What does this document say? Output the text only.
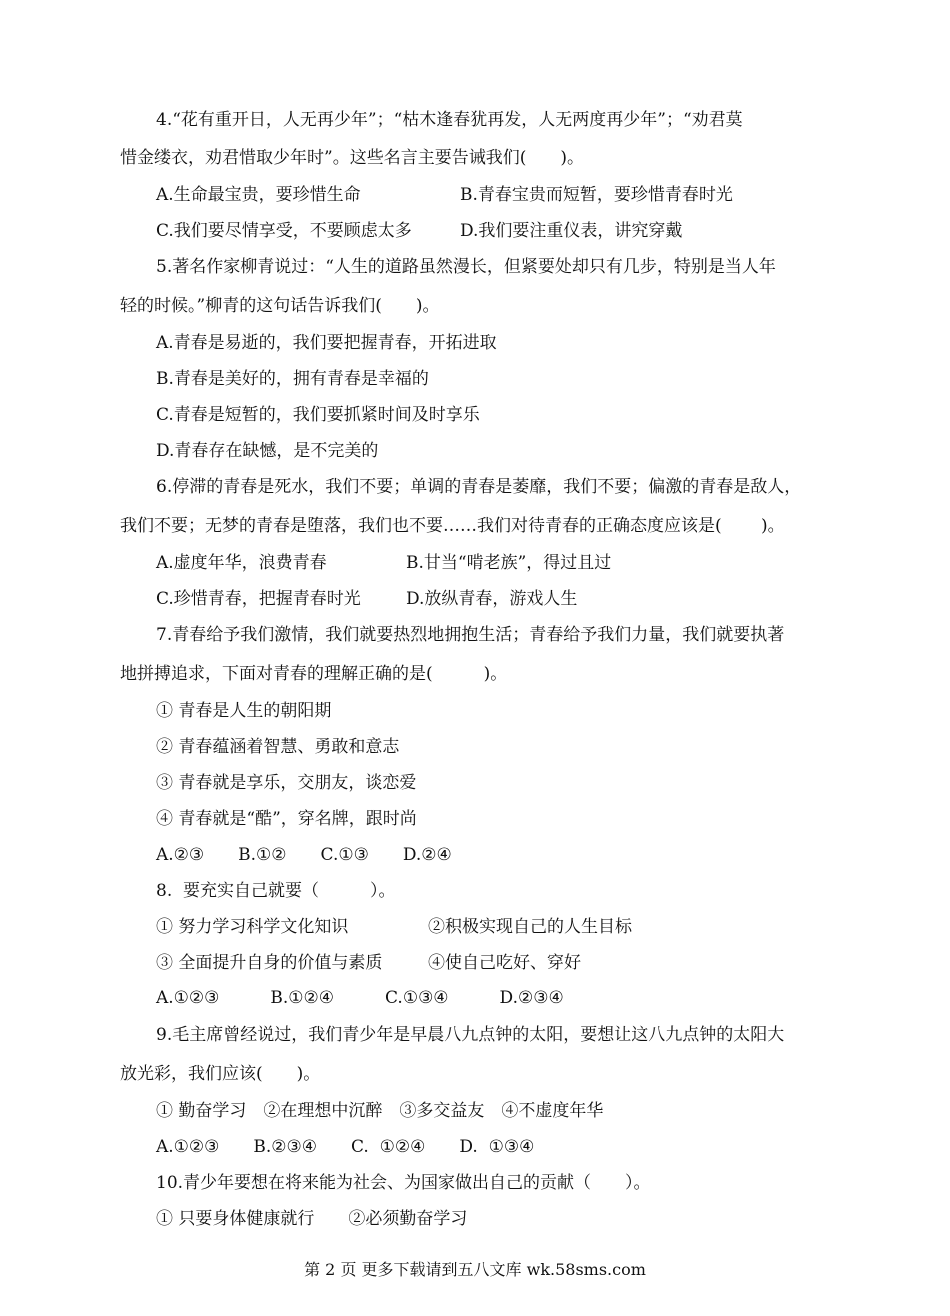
4.“花有重开日，人无再少年”；“枯木逢春犹再发，人无两度再少年”；“劝君莫
惜金缕衣，劝君惜取少年时”。这些名言主要告诫我们(　　)。
A.生命最宝贵，要珍惜生命	B.青春宝贵而短暂，要珍惜青春时光
C.我们要尽情享受，不要顾虑太多	D.我们要注重仪表，讲究穿戴
5.著名作家柳青说过：“人生的道路虽然漫长，但紧要处却只有几步，特别是当人年
轻的时候。”柳青的这句话告诉我们(　　)。
A.青春是易逝的，我们要把握青春，开拓进取
B.青春是美好的，拥有青春是幸福的
C.青春是短暂的，我们要抓紧时间及时享乐
D.青春存在缺憾，是不完美的
6.停滞的青春是死水，我们不要；单调的青春是萎靡，我们不要；偏激的青春是敌人，
我们不要；无梦的青春是堕落，我们也不要……我们对待青春的正确态度应该是(　　 )。
A.虚度年华，浪费青春	B.甘当“啃老族”，得过且过
C.珍惜青春，把握青春时光	D.放纵青春，游戏人生
7.青春给予我们激情，我们就要热烈地拥抱生活；青春给予我们力量，我们就要执著
地拼搏追求，下面对青春的理解正确的是(　　　)。
① 青春是人生的朝阳期
② 青春蕴涵着智慧、勇敢和意志
③ 青春就是享乐，交朋友，谈恋爱
④ 青春就是“酷”，穿名牌，跟时尚
A.②③　　B.①②　　C.①③　　D.②④
8.  要充实自己就要（　　　）。
① 努力学习科学文化知识	②积极实现自己的人生目标
③ 全面提升自身的价值与素质	④使自己吃好、穿好
A.①②③　　　B.①②④　　　C.①③④　　　D.②③④
9.毛主席曾经说过，我们青少年是早晨八九点钟的太阳，要想让这八九点钟的太阳大
放光彩，我们应该(　　)。
① 勤奋学习　②在理想中沉醉　③多交益友　④不虚度年华
A.①②③　　B.②③④　　C.  ①②④　　D.  ①③④
10.青少年要想在将来能为社会、为国家做出自己的贡献（　　）。
① 只要身体健康就行　　②必须勤奋学习
第 2 页 更多下载请到五八文库 wk.58sms.com
